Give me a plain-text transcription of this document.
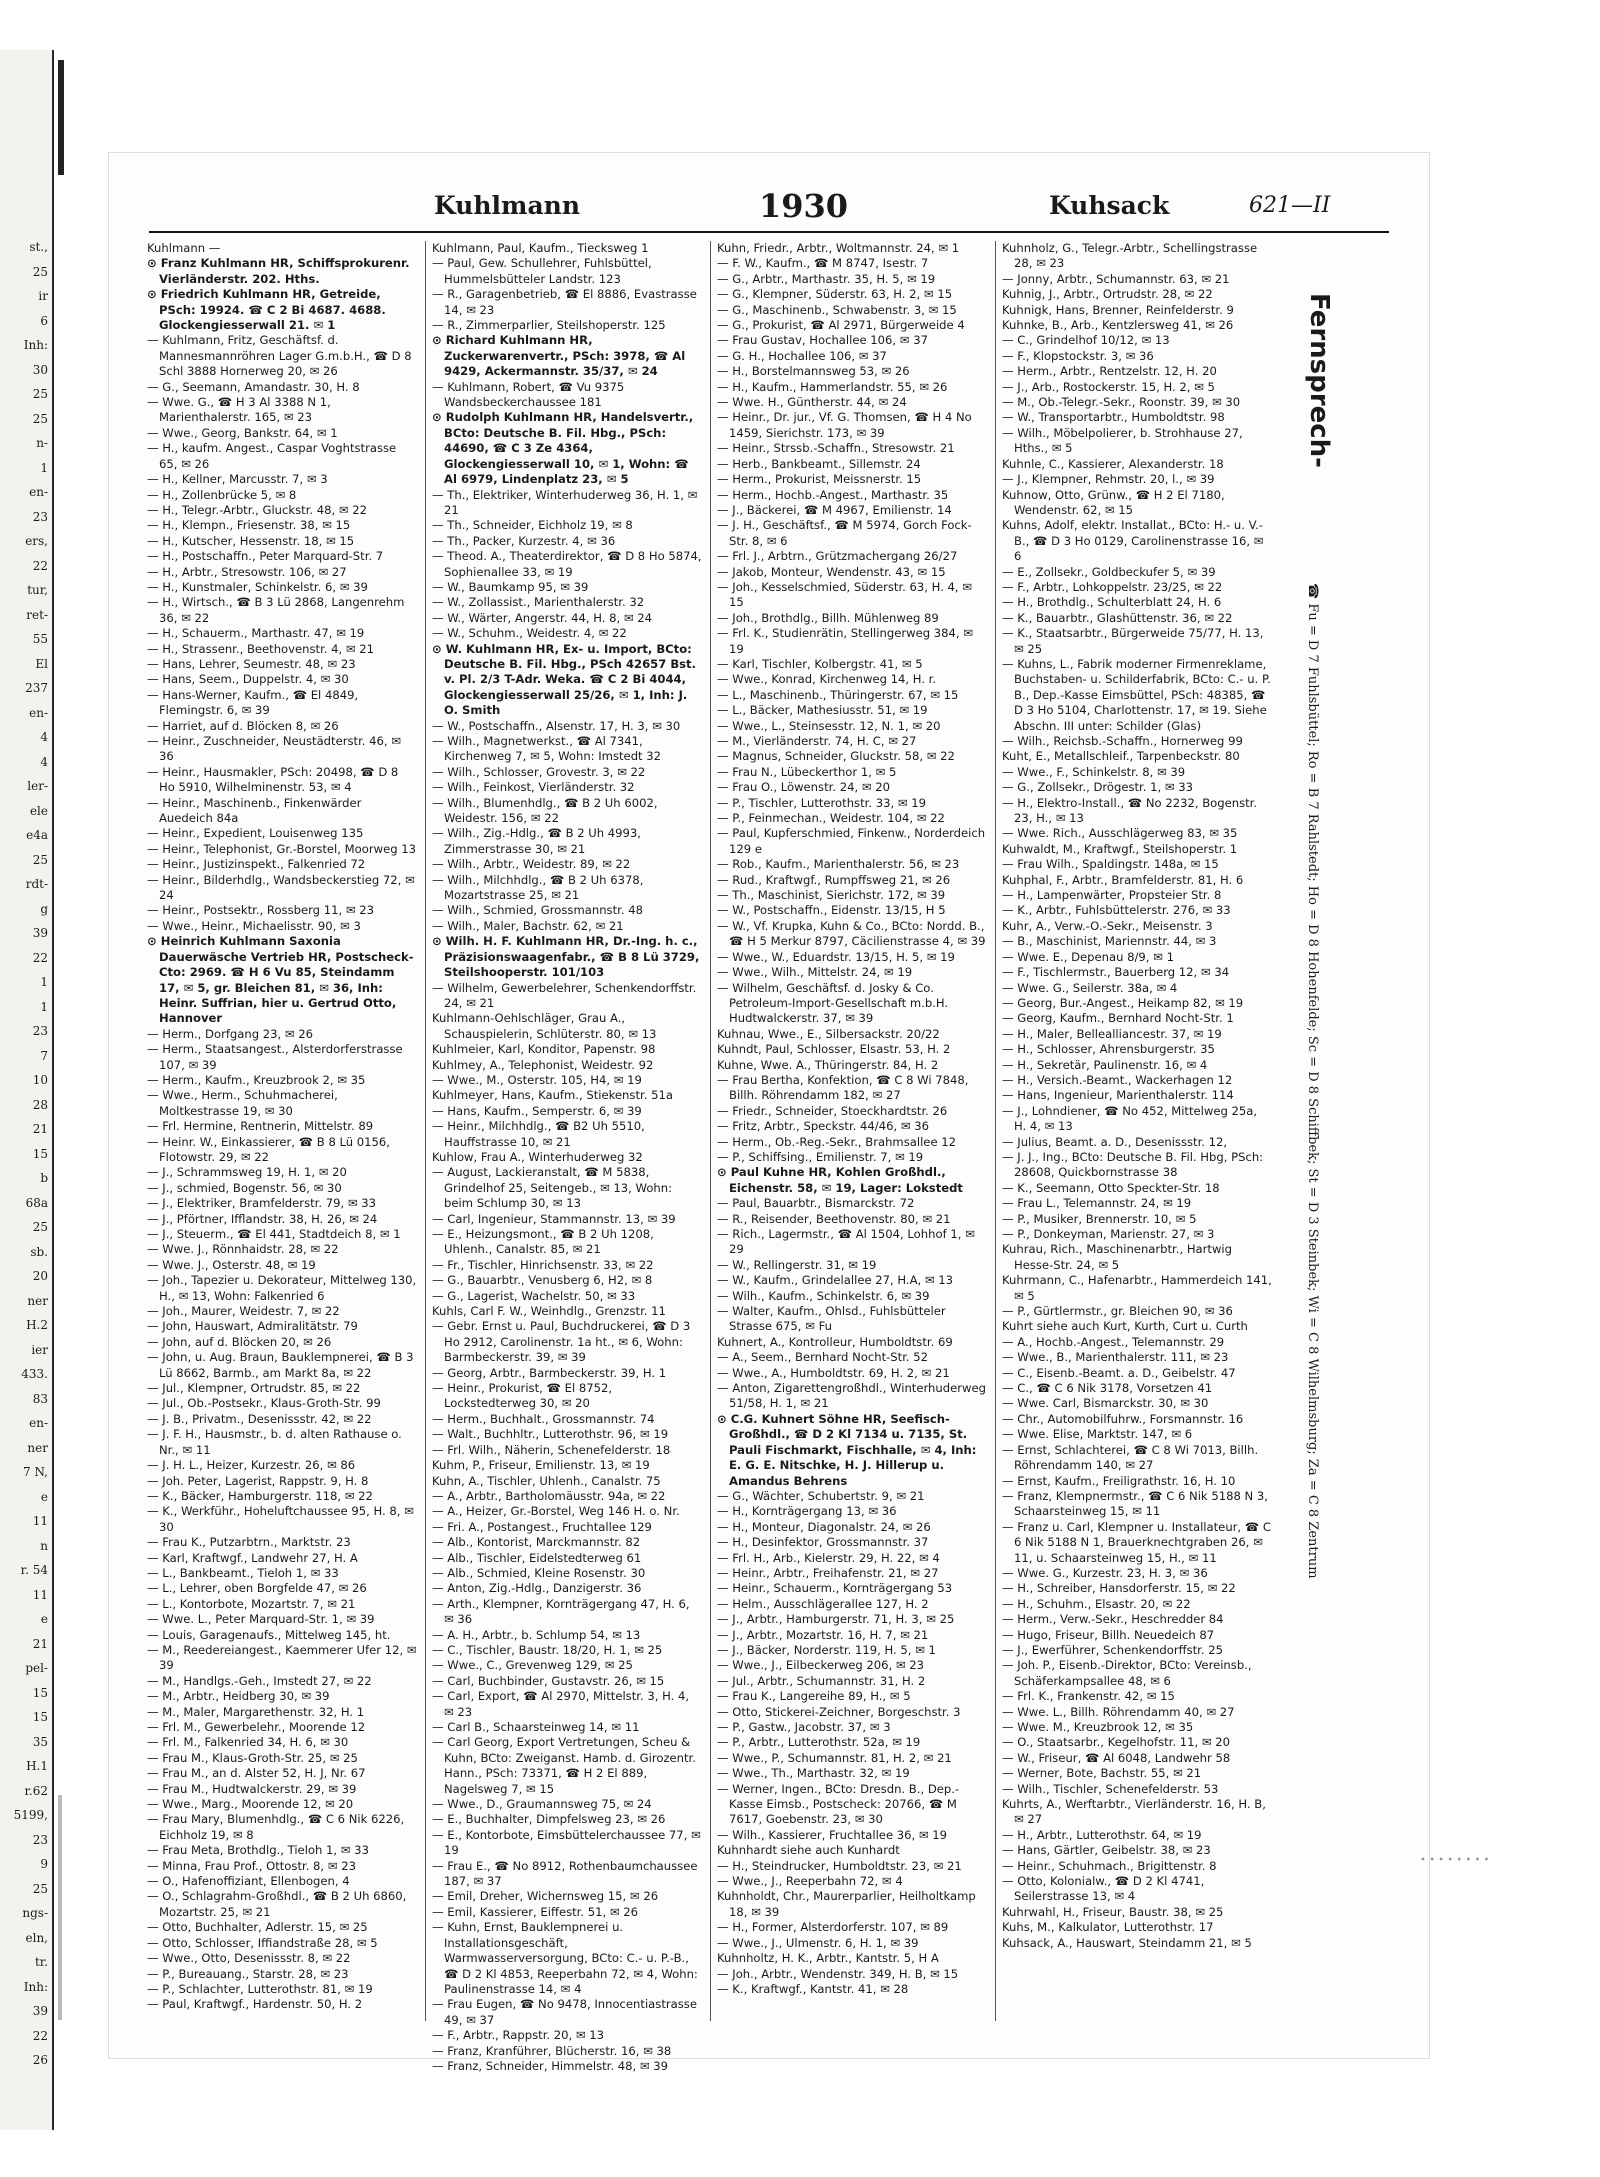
st.,
25
ir
6
Inh:
30
25
25
n-
1
en-
23
ers,
22
tur,
ret-
55
El
237
en-
4
4
ler-
ele
e4a
25
rdt-
g
39
22
1
1
23
7
10
28
21
15
b
68a
25
sb.
20
ner
H.2
ier
433.
83
en-
ner
7 N,
e
11
n
r. 54
11
e
21
pel-
15
15
35
H.1
r.62
5199,
23
9
25
ngs-
eln,
tr.
Inh:
39
22
26
Kuhlmann	1930	Kuhsack	621—II
Kuhlmann —
⊙ Franz Kuhlmann HR, Schiffsprokurenr. Vierländerstr. 202. Hths.
⊙ Friedrich Kuhlmann HR, Getreide, PSch: 19924. ☎ C 2 Bi 4687. 4688. Glockengiesserwall 21. ✉ 1
— Kuhlmann, Fritz, Geschäftsf. d. Mannesmannröhren Lager G.m.b.H., ☎ D 8 Schl 3888 Hornerweg 20, ✉ 26
— G., Seemann, Amandastr. 30, H. 8
— Wwe. G., ☎ H 3 Al 3388 N 1, Marienthalerstr. 165, ✉ 23
— Wwe., Georg, Bankstr. 64, ✉ 1
— H., kaufm. Angest., Caspar Voghtstrasse 65, ✉ 26
— H., Kellner, Marcusstr. 7, ✉ 3
— H., Zollenbrücke 5, ✉ 8
— H., Telegr.-Arbtr., Gluckstr. 48, ✉ 22
— H., Klempn., Friesenstr. 38, ✉ 15
— H., Kutscher, Hessenstr. 18, ✉ 15
— H., Postschaffn., Peter Marquard-Str. 7
— H., Arbtr., Stresowstr. 106, ✉ 27
— H., Kunstmaler, Schinkelstr. 6, ✉ 39
— H., Wirtsch., ☎ B 3 Lü 2868, Langenrehm 36, ✉ 22
— H., Schauerm., Marthastr. 47, ✉ 19
— H., Strassenr., Beethovenstr. 4, ✉ 21
— Hans, Lehrer, Seumestr. 48, ✉ 23
— Hans, Seem., Duppelstr. 4, ✉ 30
— Hans-Werner, Kaufm., ☎ El 4849, Flemingstr. 6, ✉ 39
— Harriet, auf d. Blöcken 8, ✉ 26
— Heinr., Zuschneider, Neustädterstr. 46, ✉ 36
— Heinr., Hausmakler, PSch: 20498, ☎ D 8 Ho 5910, Wilhelminenstr. 53, ✉ 4
— Heinr., Maschinenb., Finkenwärder Auedeich 84a
— Heinr., Expedient, Louisenweg 135
— Heinr., Telephonist, Gr.-Borstel, Moorweg 13
— Heinr., Justizinspekt., Falkenried 72
— Heinr., Bilderhdlg., Wandsbeckerstieg 72, ✉ 24
— Heinr., Postsektr., Rossberg 11, ✉ 23
— Wwe., Heinr., Michaelisstr. 90, ✉ 3
⊙ Heinrich Kuhlmann Saxonia Dauerwäsche Vertrieb HR, Postscheck-Cto: 2969. ☎ H 6 Vu 85, Steindamm 17, ✉ 5, gr. Bleichen 81, ✉ 36, Inh: Heinr. Suffrian, hier u. Gertrud Otto, Hannover
— Herm., Dorfgang 23, ✉ 26
— Herm., Staatsangest., Alsterdorferstrasse 107, ✉ 39
— Herm., Kaufm., Kreuzbrook 2, ✉ 35
— Wwe., Herm., Schuhmacherei, Moltkestrasse 19, ✉ 30
— Frl. Hermine, Rentnerin, Mittelstr. 89
— Heinr. W., Einkassierer, ☎ B 8 Lü 0156, Flotowstr. 29, ✉ 22
— J., Schrammsweg 19, H. 1, ✉ 20
— J., schmied, Bogenstr. 56, ✉ 30
— J., Elektriker, Bramfelderstr. 79, ✉ 33
— J., Pförtner, Ifflandstr. 38, H. 26, ✉ 24
— J., Steuerm., ☎ El 441, Stadtdeich 8, ✉ 1
— Wwe. J., Rönnhaidstr. 28, ✉ 22
— Wwe. J., Osterstr. 48, ✉ 19
— Joh., Tapezier u. Dekorateur, Mittelweg 130, H., ✉ 13, Wohn: Falkenried 6
— Joh., Maurer, Weidestr. 7, ✉ 22
— John, Hauswart, Admiralitätstr. 79
— John, auf d. Blöcken 20, ✉ 26
— John, u. Aug. Braun, Bauklempnerei, ☎ B 3 Lü 8662, Barmb., am Markt 8a, ✉ 22
— Jul., Klempner, Ortrudstr. 85, ✉ 22
— Jul., Ob.-Postsekr., Klaus-Groth-Str. 99
— J. B., Privatm., Desenissstr. 42, ✉ 22
— J. F. H., Hausmstr., b. d. alten Rathause o. Nr., ✉ 11
— J. H. L., Heizer, Kurzestr. 26, ✉ 86
— Joh. Peter, Lagerist, Rappstr. 9, H. 8
— K., Bäcker, Hamburgerstr. 118, ✉ 22
— K., Werkführ., Hoheluftchaussee 95, H. 8, ✉ 30
— Frau K., Putzarbtrn., Marktstr. 23
— Karl, Kraftwgf., Landwehr 27, H. A
— L., Bankbeamt., Tieloh 1, ✉ 33
— L., Lehrer, oben Borgfelde 47, ✉ 26
— L., Kontorbote, Mozartstr. 7, ✉ 21
— Wwe. L., Peter Marquard-Str. 1, ✉ 39
— Louis, Garagenaufs., Mittelweg 145, ht.
— M., Reedereiangest., Kaemmerer Ufer 12, ✉ 39
— M., Handlgs.-Geh., Imstedt 27, ✉ 22
— M., Arbtr., Heidberg 30, ✉ 39
— M., Maler, Margarethenstr. 32, H. 1
— Frl. M., Gewerbelehr., Moorende 12
— Frl. M., Falkenried 34, H. 6, ✉ 30
— Frau M., Klaus-Groth-Str. 25, ✉ 25
— Frau M., an d. Alster 52, H. J, Nr. 67
— Frau M., Hudtwalckerstr. 29, ✉ 39
— Wwe., Marg., Moorende 12, ✉ 20
— Frau Mary, Blumenhdlg., ☎ C 6 Nik 6226, Eichholz 19, ✉ 8
— Frau Meta, Brothdlg., Tieloh 1, ✉ 33
— Minna, Frau Prof., Ottostr. 8, ✉ 23
— O., Hafenoffiziant, Ellenbogen, 4
— O., Schlagrahm-Großhdl., ☎ B 2 Uh 6860, Mozartstr. 25, ✉ 21
— Otto, Buchhalter, Adlerstr. 15, ✉ 25
— Otto, Schlosser, Iffiandstraße 28, ✉ 5
— Wwe., Otto, Desenissstr. 8, ✉ 22
— P., Bureauang., Starstr. 28, ✉ 23
— P., Schlachter, Lutterothstr. 81, ✉ 19
— Paul, Kraftwgf., Hardenstr. 50, H. 2
Kuhlmann, Paul, Kaufm., Tiecksweg 1
— Paul, Gew. Schullehrer, Fuhlsbüttel, Hummelsbütteler Landstr. 123
— R., Garagenbetrieb, ☎ El 8886, Evastrasse 14, ✉ 23
— R., Zimmerparlier, Steilshoperstr. 125
⊙ Richard Kuhlmann HR, Zuckerwarenvertr., PSch: 3978, ☎ Al 9429, Ackermannstr. 35/37, ✉ 24
— Kuhlmann, Robert, ☎ Vu 9375 Wandsbeckerchaussee 181
⊙ Rudolph Kuhlmann HR, Handelsvertr., BCto: Deutsche B. Fil. Hbg., PSch: 44690, ☎ C 3 Ze 4364, Glockengiesserwall 10, ✉ 1, Wohn: ☎ Al 6979, Lindenplatz 23, ✉ 5
— Th., Elektriker, Winterhuderweg 36, H. 1, ✉ 21
— Th., Schneider, Eichholz 19, ✉ 8
— Th., Packer, Kurzestr. 4, ✉ 36
— Theod. A., Theaterdirektor, ☎ D 8 Ho 5874, Sophienallee 33, ✉ 19
— W., Baumkamp 95, ✉ 39
— W., Zollassist., Marienthalerstr. 32
— W., Wärter, Angerstr. 44, H. 8, ✉ 24
— W., Schuhm., Weidestr. 4, ✉ 22
⊙ W. Kuhlmann HR, Ex- u. Import, BCto: Deutsche B. Fil. Hbg., PSch 42657 Bst. v. Pl. 2/3 T-Adr. Weka. ☎ C 2 Bi 4044, Glockengiesserwall 25/26, ✉ 1, Inh: J. O. Smith
— W., Postschaffn., Alsenstr. 17, H. 3, ✉ 30
— Wilh., Magnetwerkst., ☎ Al 7341, Kirchenweg 7, ✉ 5, Wohn: Imstedt 32
— Wilh., Schlosser, Grovestr. 3, ✉ 22
— Wilh., Feinkost, Vierländerstr. 32
— Wilh., Blumenhdlg., ☎ B 2 Uh 6002, Weidestr. 156, ✉ 22
— Wilh., Zig.-Hdlg., ☎ B 2 Uh 4993, Zimmerstrasse 30, ✉ 21
— Wilh., Arbtr., Weidestr. 89, ✉ 22
— Wilh., Milchhdlg., ☎ B 2 Uh 6378, Mozartstrasse 25, ✉ 21
— Wilh., Schmied, Grossmannstr. 48
— Wilh., Maler, Bachstr. 62, ✉ 21
⊙ Wilh. H. F. Kuhlmann HR, Dr.-Ing. h. c., Präzisionswaagenfabr., ☎ B 8 Lü 3729, Steilshooperstr. 101/103
— Wilhelm, Gewerbelehrer, Schenkendorffstr. 24, ✉ 21
Kuhlmann-Oehlschläger, Grau A., Schauspielerin, Schlüterstr. 80, ✉ 13
Kuhlmeier, Karl, Konditor, Papenstr. 98
Kuhlmey, A., Telephonist, Weidestr. 92
— Wwe., M., Osterstr. 105, H4, ✉ 19
Kuhlmeyer, Hans, Kaufm., Stiekenstr. 51a
— Hans, Kaufm., Semperstr. 6, ✉ 39
— Heinr., Milchhdlg., ☎ B2 Uh 5510, Hauffstrasse 10, ✉ 21
Kuhlow, Frau A., Winterhuderweg 32
— August, Lackieranstalt, ☎ M 5838, Grindelhof 25, Seitengeb., ✉ 13, Wohn: beim Schlump 30, ✉ 13
— Carl, Ingenieur, Stammannstr. 13, ✉ 39
— E., Heizungsmont., ☎ B 2 Uh 1208, Uhlenh., Canalstr. 85, ✉ 21
— Fr., Tischler, Hinrichsenstr. 33, ✉ 22
— G., Bauarbtr., Venusberg 6, H2, ✉ 8
— G., Lagerist, Wachelstr. 50, ✉ 33
Kuhls, Carl F. W., Weinhdlg., Grenzstr. 11
— Gebr. Ernst u. Paul, Buchdruckerei, ☎ D 3 Ho 2912, Carolinenstr. 1a ht., ✉ 6, Wohn: Barmbeckerstr. 39, ✉ 39
— Georg, Arbtr., Barmbeckerstr. 39, H. 1
— Heinr., Prokurist, ☎ El 8752, Lockstedterweg 30, ✉ 20
— Herm., Buchhalt., Grossmannstr. 74
— Walt., Buchhltr., Lutterothstr. 96, ✉ 19
— Frl. Wilh., Näherin, Schenefelderstr. 18
Kuhm, P., Friseur, Emilienstr. 13, ✉ 19
Kuhn, A., Tischler, Uhlenh., Canalstr. 75
— A., Arbtr., Bartholomäusstr. 94a, ✉ 22
— A., Heizer, Gr.-Borstel, Weg 146 H. o. Nr.
— Fri. A., Postangest., Fruchtallee 129
— Alb., Kontorist, Marckmannstr. 82
— Alb., Tischler, Eidelstedterweg 61
— Alb., Schmied, Kleine Rosenstr. 30
— Anton, Zig.-Hdlg., Danzigerstr. 36
— Arth., Klempner, Kornträgergang 47, H. 6, ✉ 36
— A. H., Arbtr., b. Schlump 54, ✉ 13
— C., Tischler, Baustr. 18/20, H. 1, ✉ 25
— Wwe., C., Grevenweg 129, ✉ 25
— Carl, Buchbinder, Gustavstr. 26, ✉ 15
— Carl, Export, ☎ Al 2970, Mittelstr. 3, H. 4, ✉ 23
— Carl B., Schaarsteinweg 14, ✉ 11
— Carl Georg, Export Vertretungen, Scheu & Kuhn, BCto: Zweiganst. Hamb. d. Girozentr. Hann., PSch: 73371, ☎ H 2 El 889, Nagelsweg 7, ✉ 15
— Wwe., D., Graumannsweg 75, ✉ 24
— E., Buchhalter, Dimpfelsweg 23, ✉ 26
— E., Kontorbote, Eimsbüttelerchaussee 77, ✉ 19
— Frau E., ☎ No 8912, Rothenbaumchaussee 187, ✉ 37
— Emil, Dreher, Wichernsweg 15, ✉ 26
— Emil, Kassierer, Eiffestr. 51, ✉ 26
— Kuhn, Ernst, Bauklempnerei u. Installationsgeschäft, Warmwasserversorgung, BCto: C.- u. P.-B., ☎ D 2 Kl 4853, Reeperbahn 72, ✉ 4, Wohn: Paulinenstrasse 14, ✉ 4
— Frau Eugen, ☎ No 9478, Innocentiastrasse 49, ✉ 37
— F., Arbtr., Rappstr. 20, ✉ 13
— Franz, Kranführer, Blücherstr. 16, ✉ 38
— Franz, Schneider, Himmelstr. 48, ✉ 39
Kuhn, Friedr., Arbtr., Woltmannstr. 24, ✉ 1
— F. W., Kaufm., ☎ M 8747, Isestr. 7
— G., Arbtr., Marthastr. 35, H. 5, ✉ 19
— G., Klempner, Süderstr. 63, H. 2, ✉ 15
— G., Maschinenb., Schwabenstr. 3, ✉ 15
— G., Prokurist, ☎ Al 2971, Bürgerweide 4
— Frau Gustav, Hochallee 106, ✉ 37
— G. H., Hochallee 106, ✉ 37
— H., Borstelmannsweg 53, ✉ 26
— H., Kaufm., Hammerlandstr. 55, ✉ 26
— Wwe. H., Güntherstr. 44, ✉ 24
— Heinr., Dr. jur., Vf. G. Thomsen, ☎ H 4 No 1459, Sierichstr. 173, ✉ 39
— Heinr., Strssb.-Schaffn., Stresowstr. 21
— Herb., Bankbeamt., Sillemstr. 24
— Herm., Prokurist, Meissnerstr. 15
— Herm., Hochb.-Angest., Marthastr. 35
— J., Bäckerei, ☎ M 4967, Emilienstr. 14
— J. H., Geschäftsf., ☎ M 5974, Gorch Fock-Str. 8, ✉ 6
— Frl. J., Arbtrn., Grützmachergang 26/27
— Jakob, Monteur, Wendenstr. 43, ✉ 15
— Joh., Kesselschmied, Süderstr. 63, H. 4, ✉ 15
— Joh., Brothdlg., Billh. Mühlenweg 89
— Frl. K., Studienrätin, Stellingerweg 384, ✉ 19
— Karl, Tischler, Kolbergstr. 41, ✉ 5
— Wwe., Konrad, Kirchenweg 14, H. r.
— L., Maschinenb., Thüringerstr. 67, ✉ 15
— L., Bäcker, Mathesiusstr. 51, ✉ 19
— Wwe., L., Steinsesstr. 12, N. 1, ✉ 20
— M., Vierländerstr. 74, H. C, ✉ 27
— Magnus, Schneider, Gluckstr. 58, ✉ 22
— Frau N., Lübeckerthor 1, ✉ 5
— Frau O., Löwenstr. 24, ✉ 20
— P., Tischler, Lutterothstr. 33, ✉ 19
— P., Feinmechan., Weidestr. 104, ✉ 22
— Paul, Kupferschmied, Finkenw., Norderdeich 129 e
— Rob., Kaufm., Marienthalerstr. 56, ✉ 23
— Rud., Kraftwgf., Rumpffsweg 21, ✉ 26
— Th., Maschinist, Sierichstr. 172, ✉ 39
— W., Postschaffn., Eidenstr. 13/15, H 5
— W., Vf. Krupka, Kuhn & Co., BCto: Nordd. B., ☎ H 5 Merkur 8797, Cäcilienstrasse 4, ✉ 39
— Wwe., W., Eduardstr. 13/15, H. 5, ✉ 19
— Wwe., Wilh., Mittelstr. 24, ✉ 19
— Wilhelm, Geschäftsf. d. Josky & Co. Petroleum-Import-Gesellschaft m.b.H. Hudtwalckerstr. 37, ✉ 39
Kuhnau, Wwe., E., Silbersackstr. 20/22
Kuhndt, Paul, Schlosser, Elsastr. 53, H. 2
Kuhne, Wwe. A., Thüringerstr. 84, H. 2
— Frau Bertha, Konfektion, ☎ C 8 Wi 7848, Billh. Röhrendamm 182, ✉ 27
— Friedr., Schneider, Stoeckhardtstr. 26
— Fritz, Arbtr., Speckstr. 44/46, ✉ 36
— Herm., Ob.-Reg.-Sekr., Brahmsallee 12
— P., Schiffsing., Emilienstr. 7, ✉ 19
⊙ Paul Kuhne HR, Kohlen Großhdl., Eichenstr. 58, ✉ 19, Lager: Lokstedt
— Paul, Bauarbtr., Bismarckstr. 72
— R., Reisender, Beethovenstr. 80, ✉ 21
— Rich., Lagermstr., ☎ Al 1504, Lohhof 1, ✉ 29
— W., Rellingerstr. 31, ✉ 19
— W., Kaufm., Grindelallee 27, H.A, ✉ 13
— Wilh., Kaufm., Schinkelstr. 6, ✉ 39
— Walter, Kaufm., Ohlsd., Fuhlsbütteler Strasse 675, ✉ Fu
Kuhnert, A., Kontrolleur, Humboldtstr. 69
— A., Seem., Bernhard Nocht-Str. 52
— Wwe., A., Humboldtstr. 69, H. 2, ✉ 21
— Anton, Zigarettengroßhdl., Winterhuderweg 51/58, H. 1, ✉ 21
⊙ C.G. Kuhnert Söhne HR, Seefisch-Großhdl., ☎ D 2 Kl 7134 u. 7135, St. Pauli Fischmarkt, Fischhalle, ✉ 4, Inh: E. G. E. Nitschke, H. J. Hillerup u. Amandus Behrens
— G., Wächter, Schubertstr. 9, ✉ 21
— H., Kornträgergang 13, ✉ 36
— H., Monteur, Diagonalstr. 24, ✉ 26
— H., Desinfektor, Grossmannstr. 37
— Frl. H., Arb., Kielerstr. 29, H. 22, ✉ 4
— Heinr., Arbtr., Freihafenstr. 21, ✉ 27
— Heinr., Schauerm., Kornträgergang 53
— Helm., Ausschlägerallee 127, H. 2
— J., Arbtr., Hamburgerstr. 71, H. 3, ✉ 25
— J., Arbtr., Mozartstr. 16, H. 7, ✉ 21
— J., Bäcker, Norderstr. 119, H. 5, ✉ 1
— Wwe., J., Eilbeckerweg 206, ✉ 23
— Jul., Arbtr., Schumannstr. 31, H. 2
— Frau K., Langereihe 89, H., ✉ 5
— Otto, Stickerei-Zeichner, Borgeschstr. 3
— P., Gastw., Jacobstr. 37, ✉ 3
— P., Arbtr., Lutterothstr. 52a, ✉ 19
— Wwe., P., Schumannstr. 81, H. 2, ✉ 21
— Wwe., Th., Marthastr. 32, ✉ 19
— Werner, Ingen., BCto: Dresdn. B., Dep.-Kasse Eimsb., Postscheck: 20766, ☎ M 7617, Goebenstr. 23, ✉ 30
— Wilh., Kassierer, Fruchtallee 36, ✉ 19
Kuhnhardt siehe auch Kunhardt
— H., Steindrucker, Humboldtstr. 23, ✉ 21
— Wwe., J., Reeperbahn 72, ✉ 4
Kuhnholdt, Chr., Maurerparlier, Heilholtkamp 18, ✉ 39
— H., Former, Alsterdorferstr. 107, ✉ 89
— Wwe., J., Ulmenstr. 6, H. 1, ✉ 39
Kuhnholtz, H. K., Arbtr., Kantstr. 5, H A
— Joh., Arbtr., Wendenstr. 349, H. B, ✉ 15
— K., Kraftwgf., Kantstr. 41, ✉ 28
Kuhnholz, G., Telegr.-Arbtr., Schellingstrasse 28, ✉ 23
— Jonny, Arbtr., Schumannstr. 63, ✉ 21
Kuhnig, J., Arbtr., Ortrudstr. 28, ✉ 22
Kuhnigk, Hans, Brenner, Reinfelderstr. 9
Kuhnke, B., Arb., Kentzlersweg 41, ✉ 26
— C., Grindelhof 10/12, ✉ 13
— F., Klopstockstr. 3, ✉ 36
— Herm., Arbtr., Rentzelstr. 12, H. 20
— J., Arb., Rostockerstr. 15, H. 2, ✉ 5
— M., Ob.-Telegr.-Sekr., Roonstr. 39, ✉ 30
— W., Transportarbtr., Humboldtstr. 98
— Wilh., Möbelpolierer, b. Strohhause 27, Hths., ✉ 5
Kuhnle, C., Kassierer, Alexanderstr. 18
— J., Klempner, Rehmstr. 20, l., ✉ 39
Kuhnow, Otto, Grünw., ☎ H 2 El 7180, Wendenstr. 62, ✉ 15
Kuhns, Adolf, elektr. Installat., BCto: H.- u. V.-B., ☎ D 3 Ho 0129, Carolinenstrasse 16, ✉ 6
— E., Zollsekr., Goldbeckufer 5, ✉ 39
— F., Arbtr., Lohkoppelstr. 23/25, ✉ 22
— H., Brothdlg., Schulterblatt 24, H. 6
— K., Bauarbtr., Glashüttenstr. 36, ✉ 22
— K., Staatsarbtr., Bürgerweide 75/77, H. 13, ✉ 25
— Kuhns, L., Fabrik moderner Firmenreklame, Buchstaben- u. Schilderfabrik, BCto: C.- u. P. B., Dep.-Kasse Eimsbüttel, PSch: 48385, ☎ D 3 Ho 5104, Charlottenstr. 17, ✉ 19. Siehe Abschn. III unter: Schilder (Glas)
— Wilh., Reichsb.-Schaffn., Hornerweg 99
Kuht, E., Metallschleif., Tarpenbeckstr. 80
— Wwe., F., Schinkelstr. 8, ✉ 39
— G., Zollsekr., Drögestr. 1, ✉ 33
— H., Elektro-Install., ☎ No 2232, Bogenstr. 23, H., ✉ 13
— Wwe. Rich., Ausschlägerweg 83, ✉ 35
Kuhwaldt, M., Kraftwgf., Steilshoperstr. 1
— Frau Wilh., Spaldingstr. 148a, ✉ 15
Kuhphal, F., Arbtr., Bramfelderstr. 81, H. 6
— H., Lampenwärter, Propsteier Str. 8
— K., Arbtr., Fuhlsbüttelerstr. 276, ✉ 33
Kuhr, A., Verw.-O.-Sekr., Meisenstr. 3
— B., Maschinist, Mariennstr. 44, ✉ 3
— Wwe. E., Depenau 8/9, ✉ 1
— F., Tischlermstr., Bauerberg 12, ✉ 34
— Wwe. G., Seilerstr. 38a, ✉ 4
— Georg, Bur.-Angest., Heikamp 82, ✉ 19
— Georg, Kaufm., Bernhard Nocht-Str. 1
— H., Maler, Bellealliancestr. 37, ✉ 19
— H., Schlosser, Ahrensburgerstr. 35
— H., Sekretär, Paulinenstr. 16, ✉ 4
— H., Versich.-Beamt., Wackerhagen 12
— Hans, Ingenieur, Marienthalerstr. 114
— J., Lohndiener, ☎ No 452, Mittelweg 25a, H. 4, ✉ 13
— Julius, Beamt. a. D., Desenissstr. 12,
— J. J., Ing., BCto: Deutsche B. Fil. Hbg, PSch: 28608, Quickbornstrasse 38
— K., Seemann, Otto Speckter-Str. 18
— Frau L., Telemannstr. 24, ✉ 19
— P., Musiker, Brennerstr. 10, ✉ 5
— P., Donkeyman, Marienstr. 27, ✉ 3
Kuhrau, Rich., Maschinenarbtr., Hartwig Hesse-Str. 24, ✉ 5
Kuhrmann, C., Hafenarbtr., Hammerdeich 141, ✉ 5
— P., Gürtlermstr., gr. Bleichen 90, ✉ 36
Kuhrt siehe auch Kurt, Kurth, Curt u. Curth
— A., Hochb.-Angest., Telemannstr. 29
— Wwe., B., Marienthalerstr. 111, ✉ 23
— C., Eisenb.-Beamt. a. D., Geibelstr. 47
— C., ☎ C 6 Nik 3178, Vorsetzen 41
— Wwe. Carl, Bismarckstr. 30, ✉ 30
— Chr., Automobilfuhrw., Forsmannstr. 16
— Wwe. Elise, Marktstr. 147, ✉ 6
— Ernst, Schlachterei, ☎ C 8 Wi 7013, Billh. Röhrendamm 140, ✉ 27
— Ernst, Kaufm., Freiligrathstr. 16, H. 10
— Franz, Klempnermstr., ☎ C 6 Nik 5188 N 3, Schaarsteinweg 15, ✉ 11
— Franz u. Carl, Klempner u. Installateur, ☎ C 6 Nik 5188 N 1, Brauerknechtgraben 26, ✉ 11, u. Schaarsteinweg 15, H., ✉ 11
— Wwe. G., Kurzestr. 23, H. 3, ✉ 36
— H., Schreiber, Hansdorferstr. 15, ✉ 22
— H., Schuhm., Elsastr. 20, ✉ 22
— Herm., Verw.-Sekr., Heschredder 84
— Hugo, Friseur, Billh. Neuedeich 87
— J., Ewerführer, Schenkendorffstr. 25
— Joh. P., Eisenb.-Direktor, BCto: Vereinsb., Schäferkampsallee 48, ✉ 6
— Frl. K., Frankenstr. 42, ✉ 15
— Wwe. L., Billh. Röhrendamm 40, ✉ 27
— Wwe. M., Kreuzbrook 12, ✉ 35
— O., Staatsarbr., Kegelhofstr. 11, ✉ 20
— W., Friseur, ☎ Al 6048, Landwehr 58
— Werner, Bote, Bachstr. 55, ✉ 21
— Wilh., Tischler, Schenefelderstr. 53
Kuhrts, A., Werftarbtr., Vierländerstr. 16, H. B, ✉ 27
— H., Arbtr., Lutterothstr. 64, ✉ 19
— Hans, Gärtler, Geibelstr. 38, ✉ 23
— Heinr., Schuhmach., Brigittenstr. 8
— Otto, Kolonialw., ☎ D 2 Kl 4741, Seilerstrasse 13, ✉ 4
Kuhrwahl, H., Friseur, Baustr. 38, ✉ 25
Kuhs, M., Kalkulator, Lutterothstr. 17
Kuhsack, A., Hauswart, Steindamm 21, ✉ 5
Fernsprech-
☎ Fu = D 7 Fuhlsbüttel; Ro = B 7 Rahlstedt; Ho = D 8 Hohenfelde; Sc = D 8 Schiffbek; St = D 3 Steinbek; Wi = C 8 Wilhelmsburg; Za = C 8 Zentrum
• • • • • • • •
